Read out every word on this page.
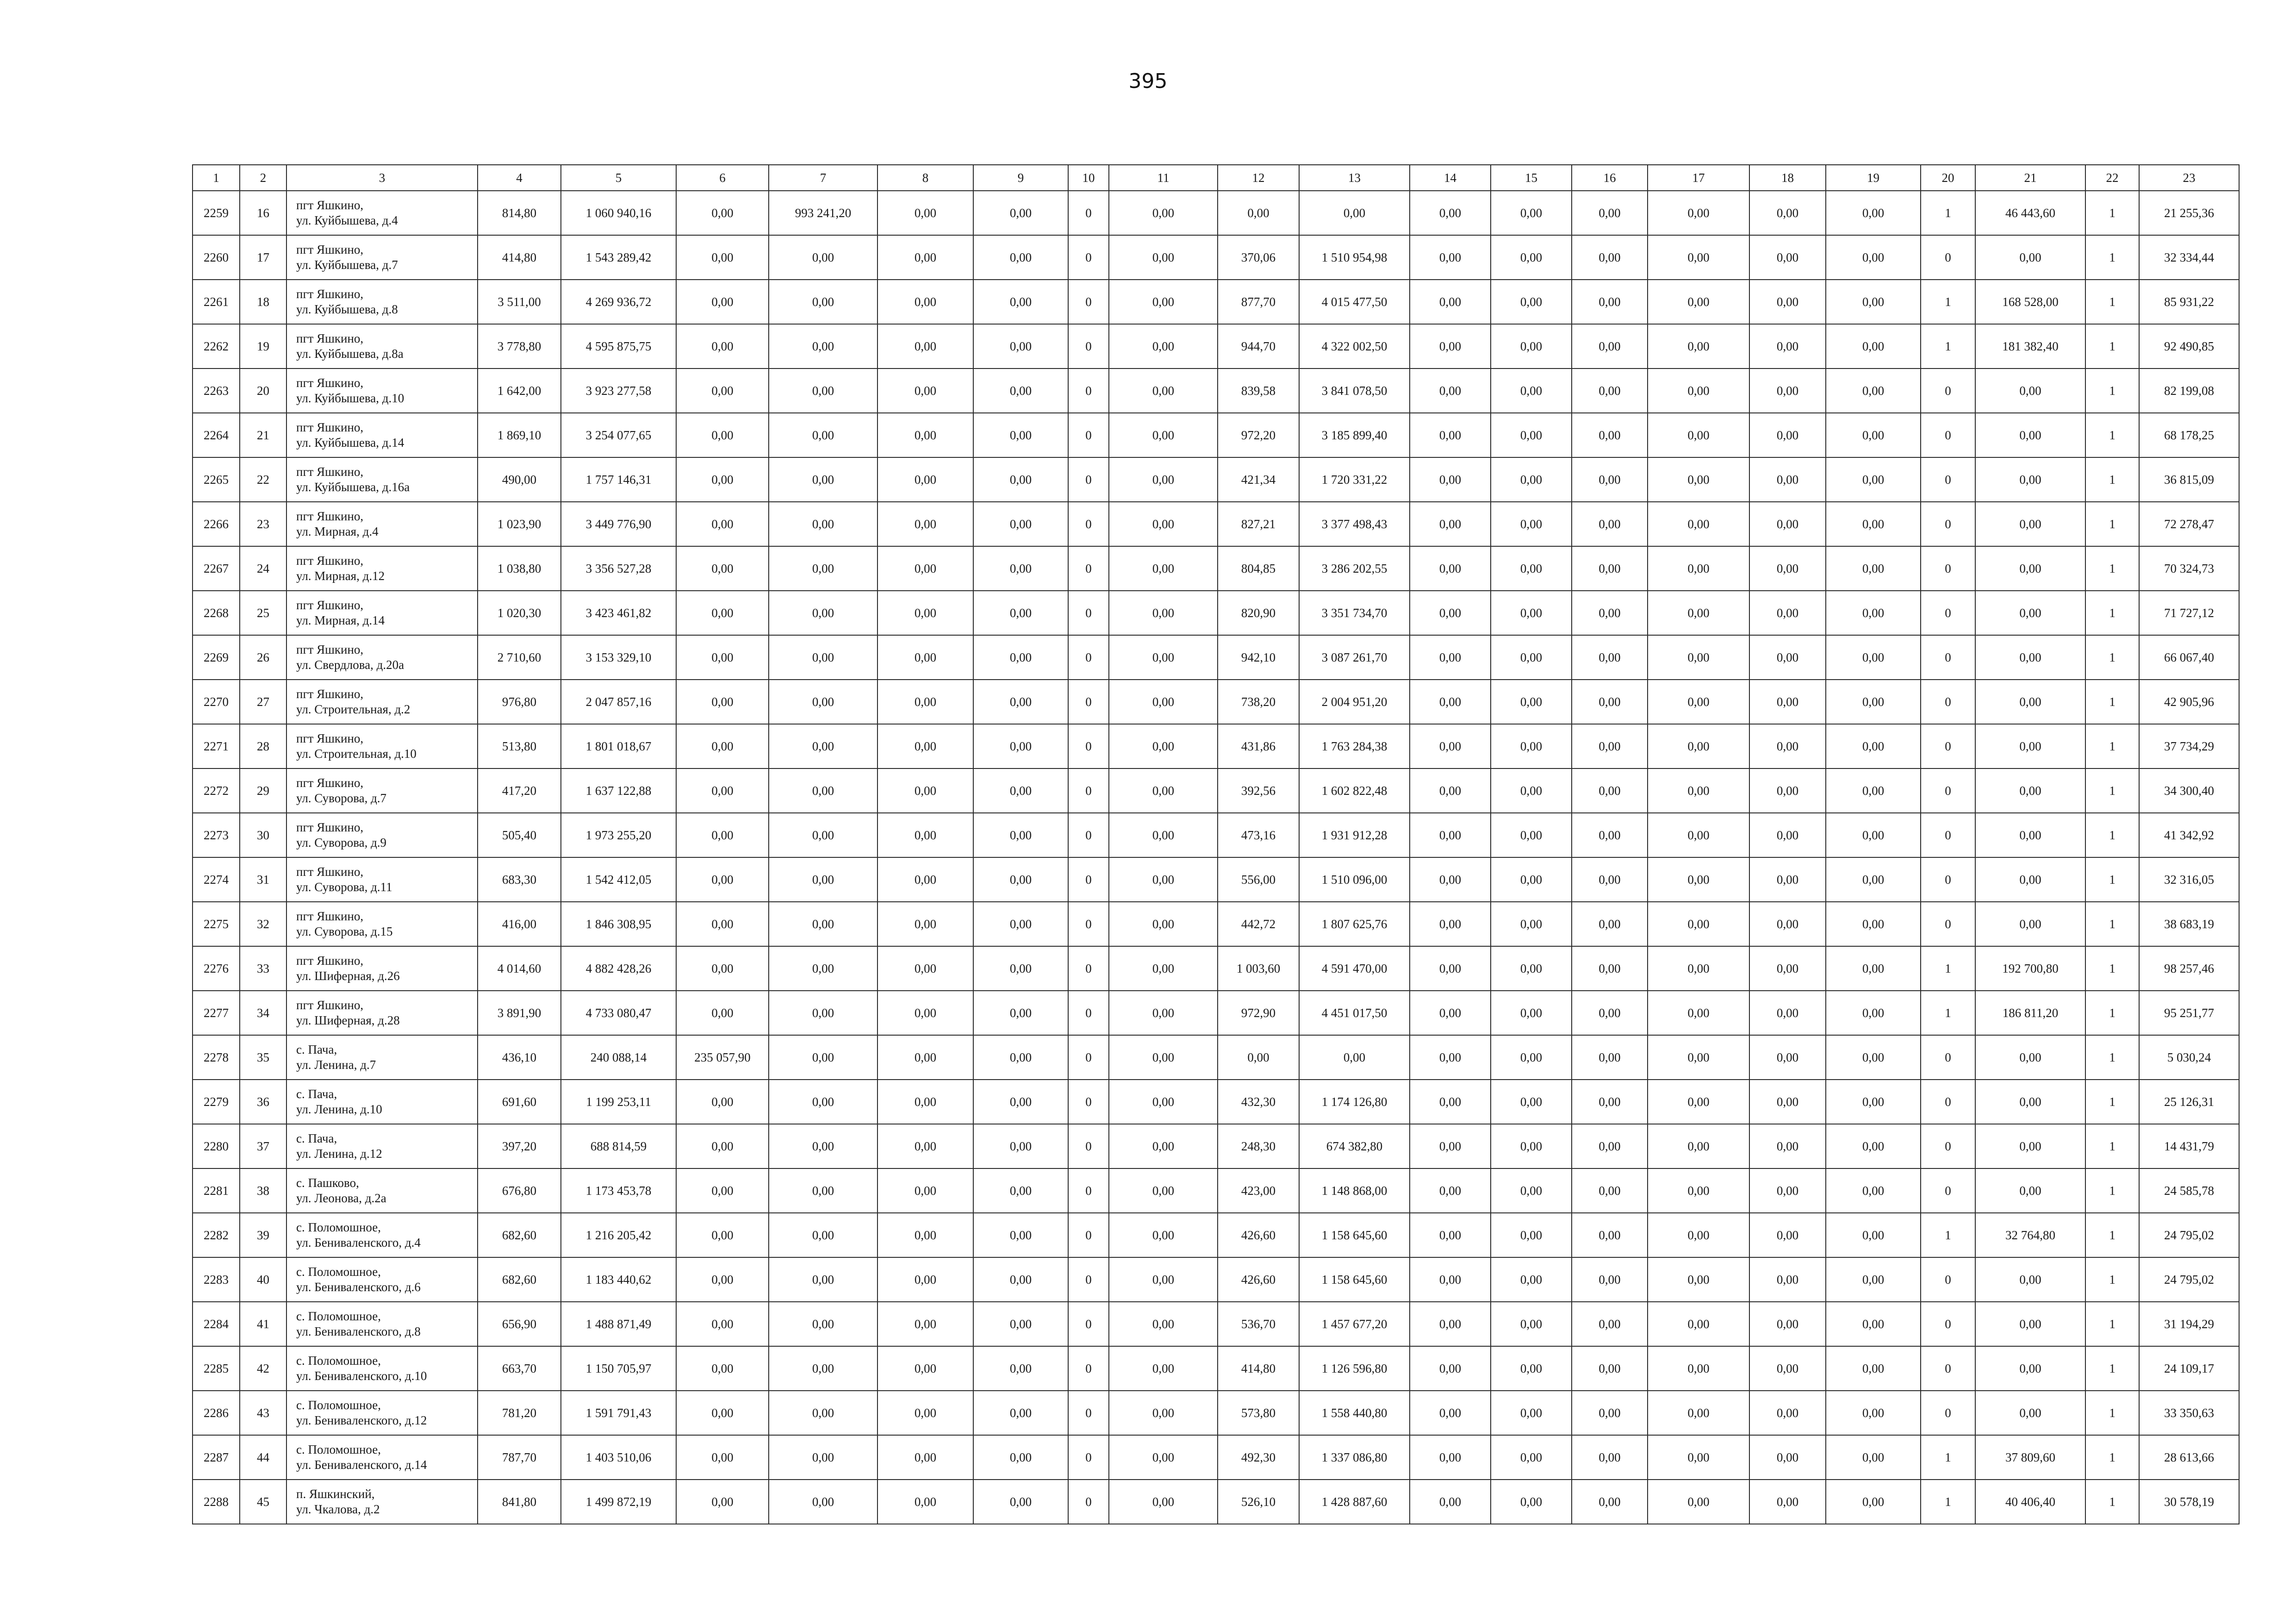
395
1	2	3	4	5	6	7	8	9	10	11	12	13	14	15	16	17	18	19	20	21	22	23
2259	16	пгт Яшкино,
ул. Куйбышева, д.4	814,80	1 060 940,16	0,00	993 241,20	0,00	0,00	0	0,00	0,00	0,00	0,00	0,00	0,00	0,00	0,00	0,00	1	46 443,60	1	21 255,36
2260	17	пгт Яшкино,
ул. Куйбышева, д.7	414,80	1 543 289,42	0,00	0,00	0,00	0,00	0	0,00	370,06	1 510 954,98	0,00	0,00	0,00	0,00	0,00	0,00	0	0,00	1	32 334,44
2261	18	пгт Яшкино,
ул. Куйбышева, д.8	3 511,00	4 269 936,72	0,00	0,00	0,00	0,00	0	0,00	877,70	4 015 477,50	0,00	0,00	0,00	0,00	0,00	0,00	1	168 528,00	1	85 931,22
2262	19	пгт Яшкино,
ул. Куйбышева, д.8а	3 778,80	4 595 875,75	0,00	0,00	0,00	0,00	0	0,00	944,70	4 322 002,50	0,00	0,00	0,00	0,00	0,00	0,00	1	181 382,40	1	92 490,85
2263	20	пгт Яшкино,
ул. Куйбышева, д.10	1 642,00	3 923 277,58	0,00	0,00	0,00	0,00	0	0,00	839,58	3 841 078,50	0,00	0,00	0,00	0,00	0,00	0,00	0	0,00	1	82 199,08
2264	21	пгт Яшкино,
ул. Куйбышева, д.14	1 869,10	3 254 077,65	0,00	0,00	0,00	0,00	0	0,00	972,20	3 185 899,40	0,00	0,00	0,00	0,00	0,00	0,00	0	0,00	1	68 178,25
2265	22	пгт Яшкино,
ул. Куйбышева, д.16а	490,00	1 757 146,31	0,00	0,00	0,00	0,00	0	0,00	421,34	1 720 331,22	0,00	0,00	0,00	0,00	0,00	0,00	0	0,00	1	36 815,09
2266	23	пгт Яшкино,
ул. Мирная, д.4	1 023,90	3 449 776,90	0,00	0,00	0,00	0,00	0	0,00	827,21	3 377 498,43	0,00	0,00	0,00	0,00	0,00	0,00	0	0,00	1	72 278,47
2267	24	пгт Яшкино,
ул. Мирная, д.12	1 038,80	3 356 527,28	0,00	0,00	0,00	0,00	0	0,00	804,85	3 286 202,55	0,00	0,00	0,00	0,00	0,00	0,00	0	0,00	1	70 324,73
2268	25	пгт Яшкино,
ул. Мирная, д.14	1 020,30	3 423 461,82	0,00	0,00	0,00	0,00	0	0,00	820,90	3 351 734,70	0,00	0,00	0,00	0,00	0,00	0,00	0	0,00	1	71 727,12
2269	26	пгт Яшкино,
ул. Свердлова, д.20а	2 710,60	3 153 329,10	0,00	0,00	0,00	0,00	0	0,00	942,10	3 087 261,70	0,00	0,00	0,00	0,00	0,00	0,00	0	0,00	1	66 067,40
2270	27	пгт Яшкино,
ул. Строительная, д.2	976,80	2 047 857,16	0,00	0,00	0,00	0,00	0	0,00	738,20	2 004 951,20	0,00	0,00	0,00	0,00	0,00	0,00	0	0,00	1	42 905,96
2271	28	пгт Яшкино,
ул. Строительная, д.10	513,80	1 801 018,67	0,00	0,00	0,00	0,00	0	0,00	431,86	1 763 284,38	0,00	0,00	0,00	0,00	0,00	0,00	0	0,00	1	37 734,29
2272	29	пгт Яшкино,
ул. Суворова, д.7	417,20	1 637 122,88	0,00	0,00	0,00	0,00	0	0,00	392,56	1 602 822,48	0,00	0,00	0,00	0,00	0,00	0,00	0	0,00	1	34 300,40
2273	30	пгт Яшкино,
ул. Суворова, д.9	505,40	1 973 255,20	0,00	0,00	0,00	0,00	0	0,00	473,16	1 931 912,28	0,00	0,00	0,00	0,00	0,00	0,00	0	0,00	1	41 342,92
2274	31	пгт Яшкино,
ул. Суворова, д.11	683,30	1 542 412,05	0,00	0,00	0,00	0,00	0	0,00	556,00	1 510 096,00	0,00	0,00	0,00	0,00	0,00	0,00	0	0,00	1	32 316,05
2275	32	пгт Яшкино,
ул. Суворова, д.15	416,00	1 846 308,95	0,00	0,00	0,00	0,00	0	0,00	442,72	1 807 625,76	0,00	0,00	0,00	0,00	0,00	0,00	0	0,00	1	38 683,19
2276	33	пгт Яшкино,
ул. Шиферная, д.26	4 014,60	4 882 428,26	0,00	0,00	0,00	0,00	0	0,00	1 003,60	4 591 470,00	0,00	0,00	0,00	0,00	0,00	0,00	1	192 700,80	1	98 257,46
2277	34	пгт Яшкино,
ул. Шиферная, д.28	3 891,90	4 733 080,47	0,00	0,00	0,00	0,00	0	0,00	972,90	4 451 017,50	0,00	0,00	0,00	0,00	0,00	0,00	1	186 811,20	1	95 251,77
2278	35	с. Пача,
ул. Ленина, д.7	436,10	240 088,14	235 057,90	0,00	0,00	0,00	0	0,00	0,00	0,00	0,00	0,00	0,00	0,00	0,00	0,00	0	0,00	1	5 030,24
2279	36	с. Пача,
ул. Ленина, д.10	691,60	1 199 253,11	0,00	0,00	0,00	0,00	0	0,00	432,30	1 174 126,80	0,00	0,00	0,00	0,00	0,00	0,00	0	0,00	1	25 126,31
2280	37	с. Пача,
ул. Ленина, д.12	397,20	688 814,59	0,00	0,00	0,00	0,00	0	0,00	248,30	674 382,80	0,00	0,00	0,00	0,00	0,00	0,00	0	0,00	1	14 431,79
2281	38	с. Пашково,
ул. Леонова, д.2а	676,80	1 173 453,78	0,00	0,00	0,00	0,00	0	0,00	423,00	1 148 868,00	0,00	0,00	0,00	0,00	0,00	0,00	0	0,00	1	24 585,78
2282	39	с. Поломошное,
ул. Бениваленского, д.4	682,60	1 216 205,42	0,00	0,00	0,00	0,00	0	0,00	426,60	1 158 645,60	0,00	0,00	0,00	0,00	0,00	0,00	1	32 764,80	1	24 795,02
2283	40	с. Поломошное,
ул. Бениваленского, д.6	682,60	1 183 440,62	0,00	0,00	0,00	0,00	0	0,00	426,60	1 158 645,60	0,00	0,00	0,00	0,00	0,00	0,00	0	0,00	1	24 795,02
2284	41	с. Поломошное,
ул. Бениваленского, д.8	656,90	1 488 871,49	0,00	0,00	0,00	0,00	0	0,00	536,70	1 457 677,20	0,00	0,00	0,00	0,00	0,00	0,00	0	0,00	1	31 194,29
2285	42	с. Поломошное,
ул. Бениваленского, д.10	663,70	1 150 705,97	0,00	0,00	0,00	0,00	0	0,00	414,80	1 126 596,80	0,00	0,00	0,00	0,00	0,00	0,00	0	0,00	1	24 109,17
2286	43	с. Поломошное,
ул. Бениваленского, д.12	781,20	1 591 791,43	0,00	0,00	0,00	0,00	0	0,00	573,80	1 558 440,80	0,00	0,00	0,00	0,00	0,00	0,00	0	0,00	1	33 350,63
2287	44	с. Поломошное,
ул. Бениваленского, д.14	787,70	1 403 510,06	0,00	0,00	0,00	0,00	0	0,00	492,30	1 337 086,80	0,00	0,00	0,00	0,00	0,00	0,00	1	37 809,60	1	28 613,66
2288	45	п. Яшкинский,
ул. Чкалова, д.2	841,80	1 499 872,19	0,00	0,00	0,00	0,00	0	0,00	526,10	1 428 887,60	0,00	0,00	0,00	0,00	0,00	0,00	1	40 406,40	1	30 578,19
